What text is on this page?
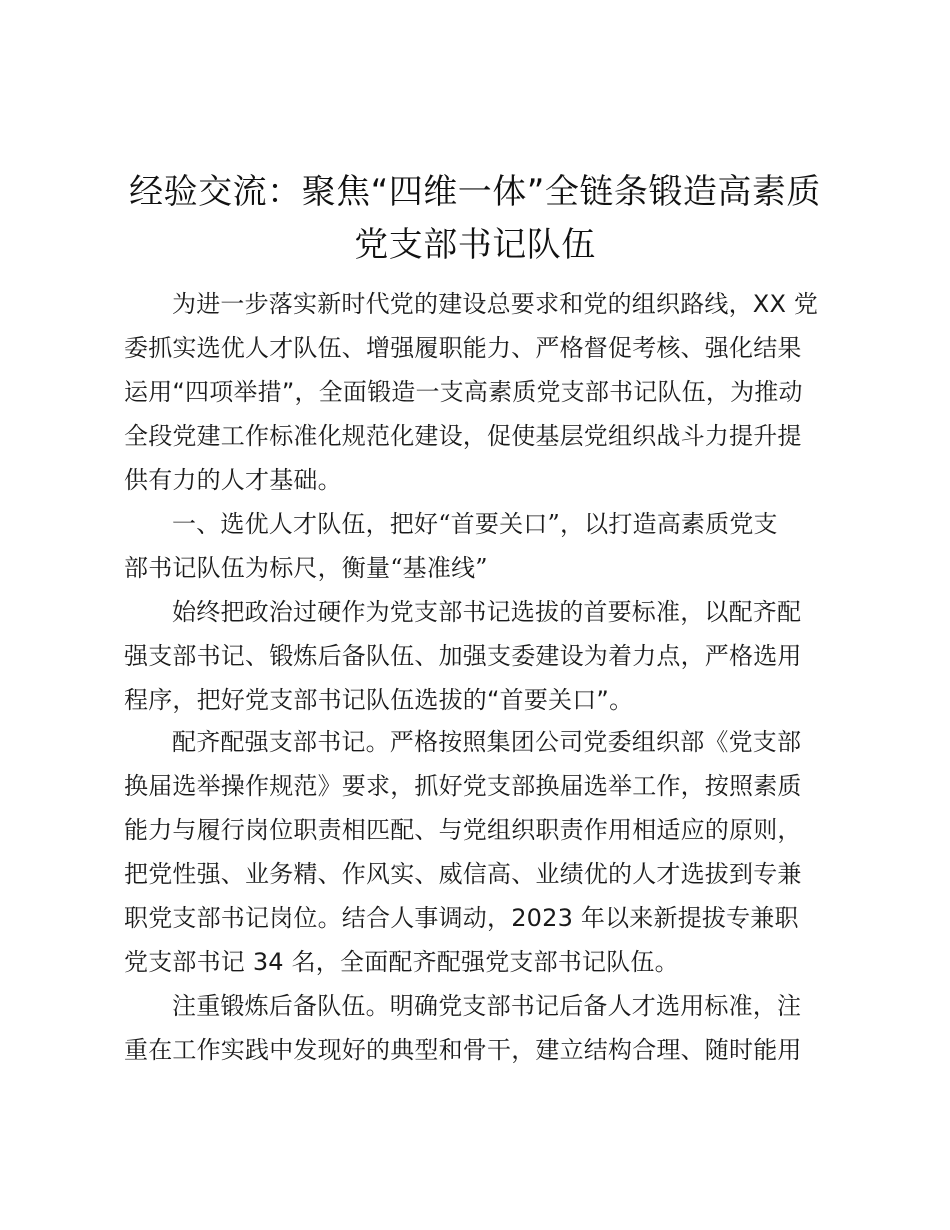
经验交流：聚焦“四维一体”全链条锻造高素质
党支部书记队伍
为进一步落实新时代党的建设总要求和党的组织路线，XX 党
委抓实选优人才队伍、增强履职能力、严格督促考核、强化结果
运用“四项举措”，全面锻造一支高素质党支部书记队伍，为推动
全段党建工作标准化规范化建设，促使基层党组织战斗力提升提
供有力的人才基础。
一、选优人才队伍，把好“首要关口”，以打造高素质党支
部书记队伍为标尺，衡量“基准线”
始终把政治过硬作为党支部书记选拔的首要标准，以配齐配
强支部书记、锻炼后备队伍、加强支委建设为着力点，严格选用
程序，把好党支部书记队伍选拔的“首要关口”。
配齐配强支部书记。严格按照集团公司党委组织部《党支部
换届选举操作规范》要求，抓好党支部换届选举工作，按照素质
能力与履行岗位职责相匹配、与党组织职责作用相适应的原则，
把党性强、业务精、作风实、威信高、业绩优的人才选拔到专兼
职党支部书记岗位。结合人事调动，2023 年以来新提拔专兼职
党支部书记 34 名，全面配齐配强党支部书记队伍。
注重锻炼后备队伍。明确党支部书记后备人才选用标准，注
重在工作实践中发现好的典型和骨干，建立结构合理、随时能用
